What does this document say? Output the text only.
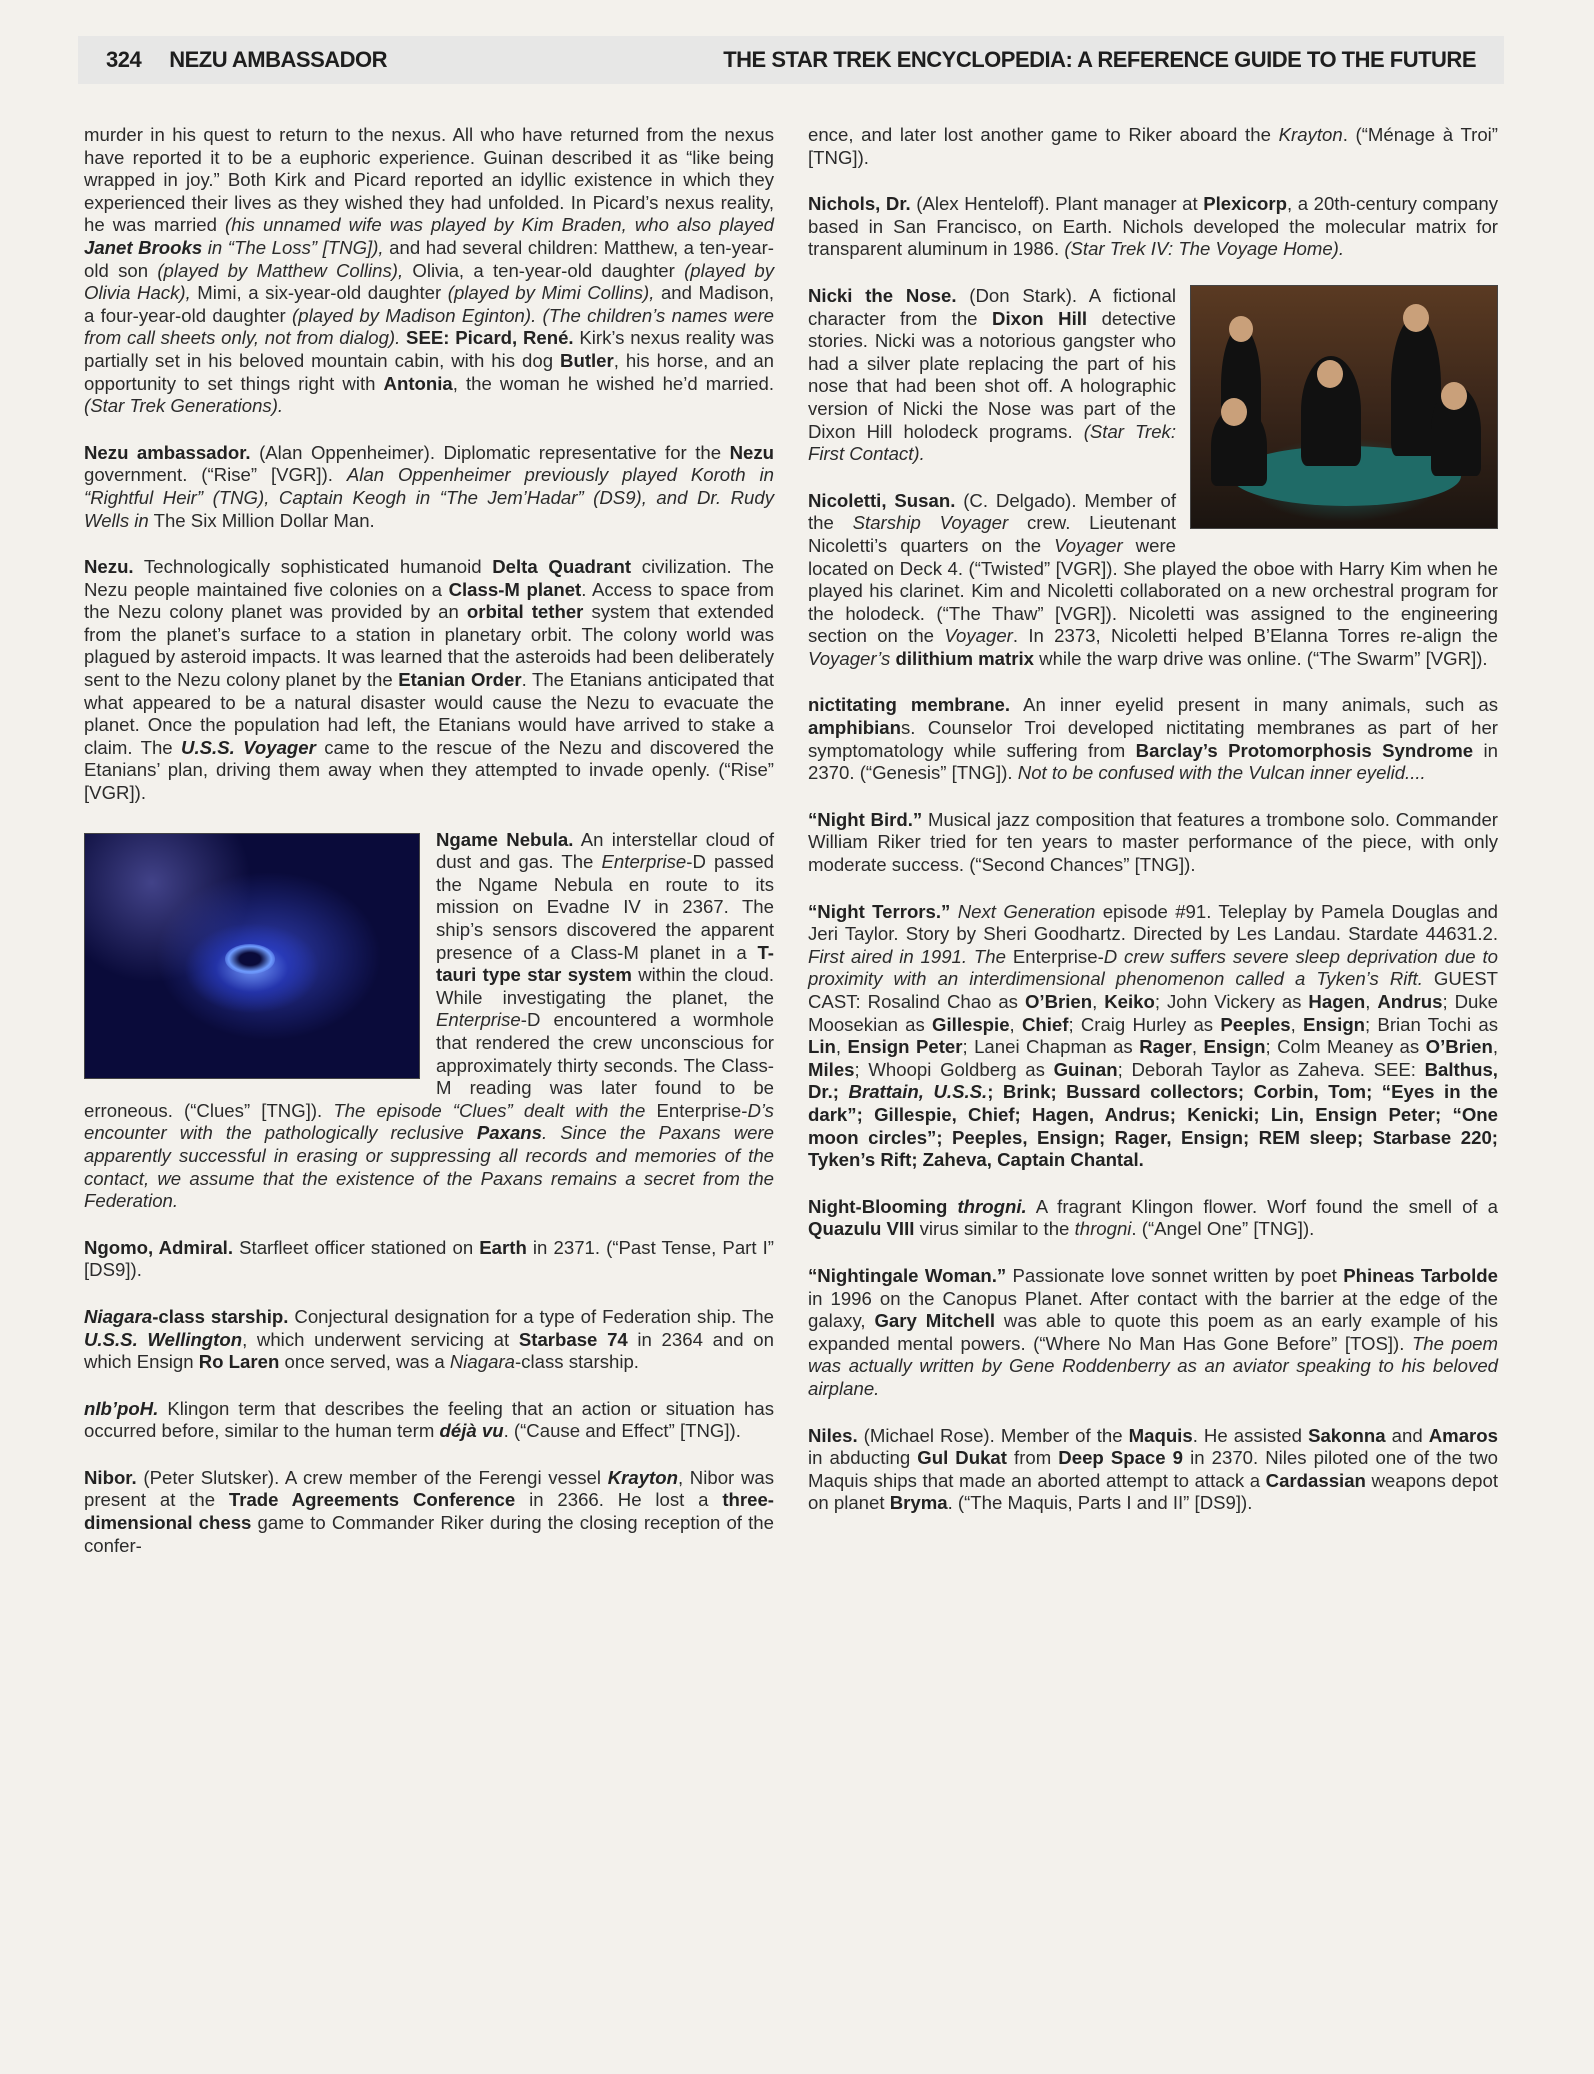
324 NEZU AMBASSADOR	THE STAR TREK ENCYCLOPEDIA: A REFERENCE GUIDE TO THE FUTURE

murder in his quest to return to the nexus. All who have returned from the nexus have reported it to be a euphoric experience. Guinan described it as “like being wrapped in joy.” Both Kirk and Picard reported an idyllic existence in which they experienced their lives as they wished they had unfolded. In Picard’s nexus reality, he was married (his unnamed wife was played by Kim Braden, who also played Janet Brooks in “The Loss” [TNG]), and had several children: Matthew, a ten-year-old son (played by Matthew Collins), Olivia, a ten-year-old daughter (played by Olivia Hack), Mimi, a six-year-old daughter (played by Mimi Collins), and Madison, a four-year-old daughter (played by Madison Eginton). (The children’s names were from call sheets only, not from dialog). SEE: Picard, René. Kirk’s nexus reality was partially set in his beloved mountain cabin, with his dog Butler, his horse, and an opportunity to set things right with Antonia, the woman he wished he’d married. (Star Trek Generations).

Nezu ambassador. (Alan Oppenheimer). Diplomatic representative for the Nezu government. (“Rise” [VGR]). Alan Oppenheimer previously played Koroth in “Rightful Heir” (TNG), Captain Keogh in “The Jem’Hadar” (DS9), and Dr. Rudy Wells in The Six Million Dollar Man.

Nezu. Technologically sophisticated humanoid Delta Quadrant civilization. The Nezu people maintained five colonies on a Class-M planet. Access to space from the Nezu colony planet was provided by an orbital tether system that extended from the planet’s surface to a station in planetary orbit. The colony world was plagued by asteroid impacts. It was learned that the asteroids had been deliberately sent to the Nezu colony planet by the Etanian Order. The Etanians anticipated that what appeared to be a natural disaster would cause the Nezu to evacuate the planet. Once the population had left, the Etanians would have arrived to stake a claim. The U.S.S. Voyager came to the rescue of the Nezu and discovered the Etanians’ plan, driving them away when they attempted to invade openly. (“Rise” [VGR]).

Ngame Nebula. An interstellar cloud of dust and gas. The Enterprise-D passed the Ngame Nebula en route to its mission on Evadne IV in 2367. The ship’s sensors discovered the apparent presence of a Class-M planet in a T-tauri type star system within the cloud. While investigating the planet, the Enterprise-D encountered a wormhole that rendered the crew unconscious for approximately thirty seconds. The Class-M reading was later found to be erroneous. (“Clues” [TNG]). The episode “Clues” dealt with the Enterprise-D’s encounter with the pathologically reclusive Paxans. Since the Paxans were apparently successful in erasing or suppressing all records and memories of the contact, we assume that the existence of the Paxans remains a secret from the Federation.

Ngomo, Admiral. Starfleet officer stationed on Earth in 2371. (“Past Tense, Part I” [DS9]).

Niagara-class starship. Conjectural designation for a type of Federation ship. The U.S.S. Wellington, which underwent servicing at Starbase 74 in 2364 and on which Ensign Ro Laren once served, was a Niagara-class starship.

nIb’poH. Klingon term that describes the feeling that an action or situation has occurred before, similar to the human term déjà vu. (“Cause and Effect” [TNG]).

Nibor. (Peter Slutsker). A crew member of the Ferengi vessel Krayton, Nibor was present at the Trade Agreements Conference in 2366. He lost a three-dimensional chess game to Commander Riker during the closing reception of the confer-

ence, and later lost another game to Riker aboard the Krayton. (“Ménage à Troi” [TNG]).

Nichols, Dr. (Alex Henteloff). Plant manager at Plexicorp, a 20th-century company based in San Francisco, on Earth. Nichols developed the molecular matrix for transparent aluminum in 1986. (Star Trek IV: The Voyage Home).

Nicki the Nose. (Don Stark). A fictional character from the Dixon Hill detective stories. Nicki was a notorious gangster who had a silver plate replacing the part of his nose that had been shot off. A holographic version of Nicki the Nose was part of the Dixon Hill holodeck programs. (Star Trek: First Contact).

Nicoletti, Susan. (C. Delgado). Member of the Starship Voyager crew. Lieutenant Nicoletti’s quarters on the Voyager were located on Deck 4. (“Twisted” [VGR]). She played the oboe with Harry Kim when he played his clarinet. Kim and Nicoletti collaborated on a new orchestral program for the holodeck. (“The Thaw” [VGR]). Nicoletti was assigned to the engineering section on the Voyager. In 2373, Nicoletti helped B’Elanna Torres re-align the Voyager’s dilithium matrix while the warp drive was online. (“The Swarm” [VGR]).

nictitating membrane. An inner eyelid present in many animals, such as amphibians. Counselor Troi developed nictitating membranes as part of her symptomatology while suffering from Barclay’s Protomorphosis Syndrome in 2370. (“Genesis” [TNG]). Not to be confused with the Vulcan inner eyelid....

“Night Bird.” Musical jazz composition that features a trombone solo. Commander William Riker tried for ten years to master performance of the piece, with only moderate success. (“Second Chances” [TNG]).

“Night Terrors.” Next Generation episode #91. Teleplay by Pamela Douglas and Jeri Taylor. Story by Sheri Goodhartz. Directed by Les Landau. Stardate 44631.2. First aired in 1991. The Enterprise-D crew suffers severe sleep deprivation due to proximity with an interdimensional phenomenon called a Tyken’s Rift. GUEST CAST: Rosalind Chao as O’Brien, Keiko; John Vickery as Hagen, Andrus; Duke Moosekian as Gillespie, Chief; Craig Hurley as Peeples, Ensign; Brian Tochi as Lin, Ensign Peter; Lanei Chapman as Rager, Ensign; Colm Meaney as O’Brien, Miles; Whoopi Goldberg as Guinan; Deborah Taylor as Zaheva. SEE: Balthus, Dr.; Brattain, U.S.S.; Brink; Bussard collectors; Corbin, Tom; “Eyes in the dark”; Gillespie, Chief; Hagen, Andrus; Kenicki; Lin, Ensign Peter; “One moon circles”; Peeples, Ensign; Rager, Ensign; REM sleep; Starbase 220; Tyken’s Rift; Zaheva, Captain Chantal.

Night-Blooming throgni. A fragrant Klingon flower. Worf found the smell of a Quazulu VIII virus similar to the throgni. (“Angel One” [TNG]).

“Nightingale Woman.” Passionate love sonnet written by poet Phineas Tarbolde in 1996 on the Canopus Planet. After contact with the barrier at the edge of the galaxy, Gary Mitchell was able to quote this poem as an early example of his expanded mental powers. (“Where No Man Has Gone Before” [TOS]). The poem was actually written by Gene Roddenberry as an aviator speaking to his beloved airplane.

Niles. (Michael Rose). Member of the Maquis. He assisted Sakonna and Amaros in abducting Gul Dukat from Deep Space 9 in 2370. Niles piloted one of the two Maquis ships that made an aborted attempt to attack a Cardassian weapons depot on planet Bryma. (“The Maquis, Parts I and II” [DS9]).
